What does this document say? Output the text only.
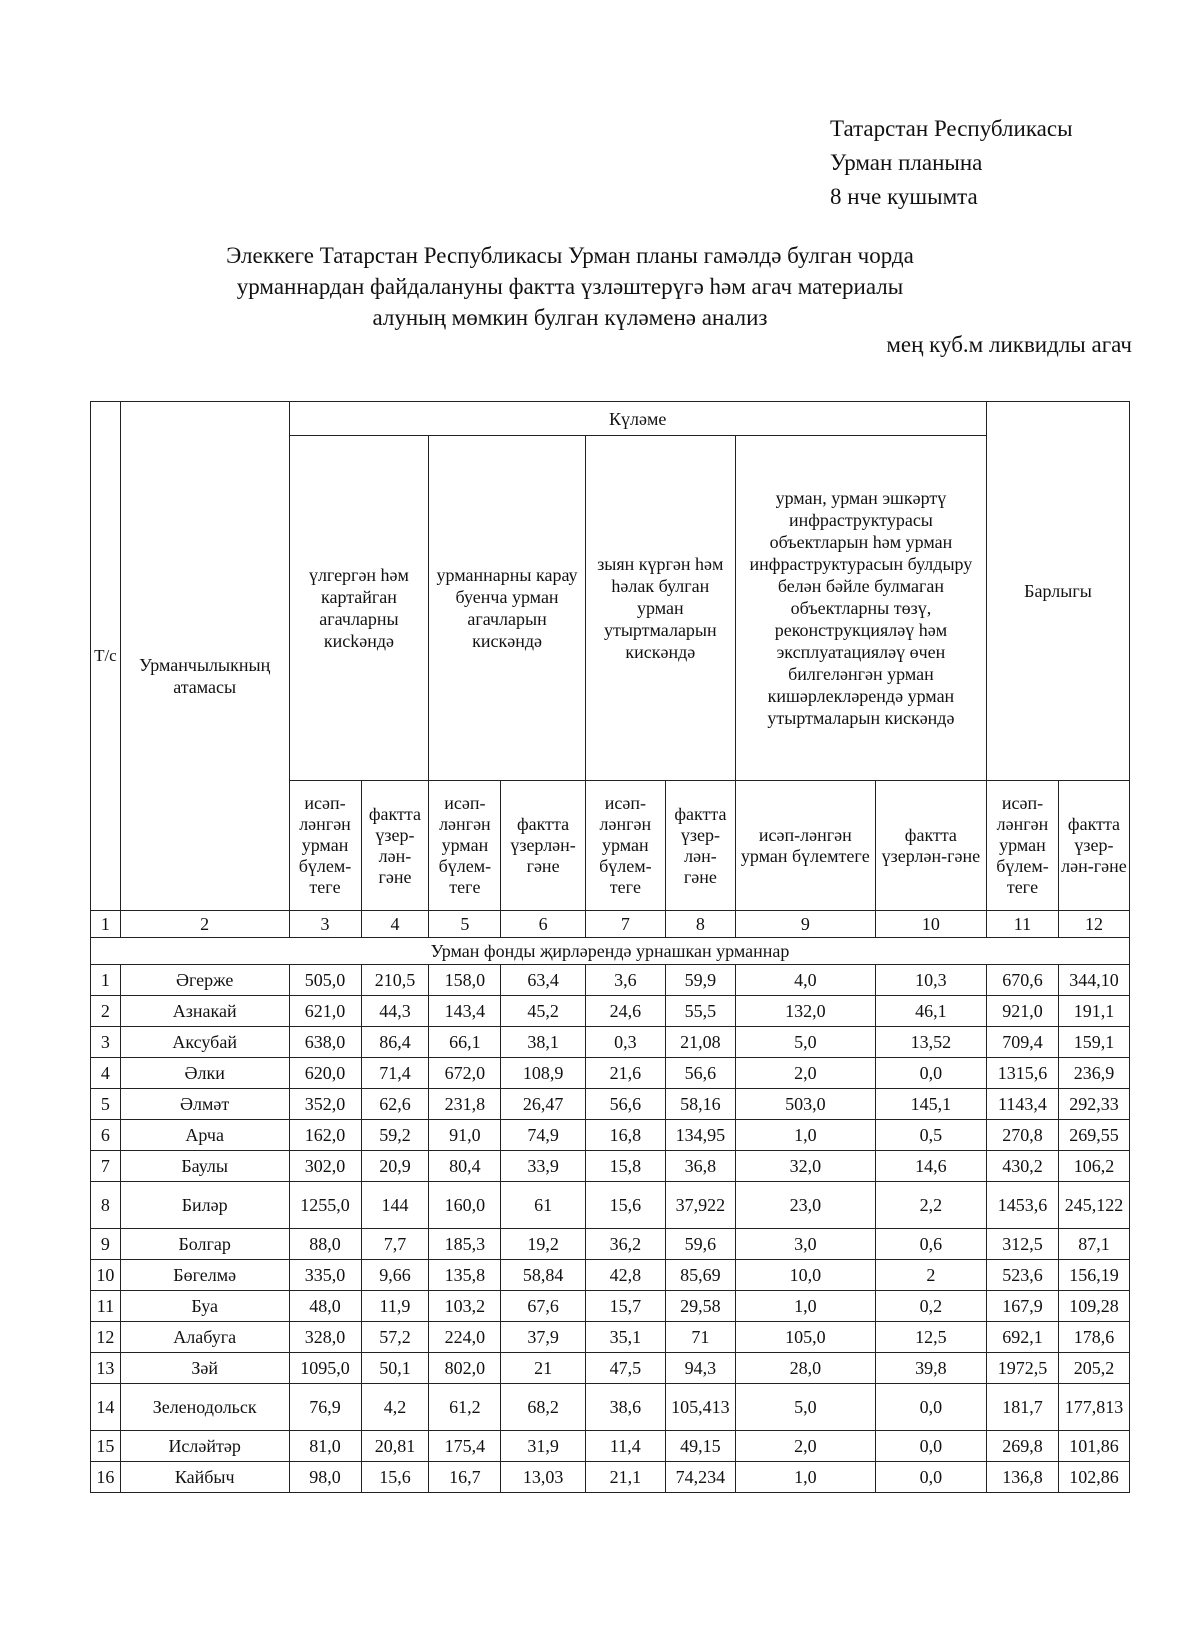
Татарстан Республикасы
Урман планына
8 нче кушымта
Элеккеге Татарстан Республикасы Урман планы гамәлдә булган чорда
урманнардан файдалануны фактта үзләштерүгә һәм агач материалы
алуның мөмкин булган күләменә анализ
мең куб.м ликвидлы агач
Т/с	Урманчылыкның атамасы	Күләме								Барлыгы	
		үлгергән һәм картайган агачларны кисkәндә		урманнарны карау буенча урман агачларын кискәндә		зыян күргән һәм һәлак булган урман утыртмаларын кискәндә		урман, урман эшкәртү инфраструктурасы объектларын һәм урман инфраструктурасын булдыру белән бәйле булмаган объектларны төзү, реконструкцияләү һәм эксплуатацияләү өчен билгеләнгән урман кишәрлекләрендә урман утыртмаларын кискәндә			
		исәп-ләнгән урман бүлем-тегe	фактта үзер-лән-гәне	исәп-ләнгән урман бүлем-тегe	фактта үзерлән-гәне	исәп-ләнгән урман бүлем-тегe	фактта үзер-лән-гәне	исәп-ләнгән урман бүлемтегe	фактта үзерлән-гәне	исәп-ләнгән урман бүлем-тегe	фактта үзер-лән-гәне
1	2	3	4	5	6	7	8	9	10	11	12
Урман фонды җирләрендә урнашкан урманнар											
1	Әгерже	505,0	210,5	158,0	63,4	3,6	59,9	4,0	10,3	670,6	344,10
2	Азнакай	621,0	44,3	143,4	45,2	24,6	55,5	132,0	46,1	921,0	191,1
3	Аксубай	638,0	86,4	66,1	38,1	0,3	21,08	5,0	13,52	709,4	159,1
4	Әлки	620,0	71,4	672,0	108,9	21,6	56,6	2,0	0,0	1315,6	236,9
5	Әлмәт	352,0	62,6	231,8	26,47	56,6	58,16	503,0	145,1	1143,4	292,33
6	Арча	162,0	59,2	91,0	74,9	16,8	134,95	1,0	0,5	270,8	269,55
7	Баулы	302,0	20,9	80,4	33,9	15,8	36,8	32,0	14,6	430,2	106,2
8	Биләр	1255,0	144	160,0	61	15,6	37,922	23,0	2,2	1453,6	245,122
9	Болгар	88,0	7,7	185,3	19,2	36,2	59,6	3,0	0,6	312,5	87,1
10	Бөгелмә	335,0	9,66	135,8	58,84	42,8	85,69	10,0	2	523,6	156,19
11	Буа	48,0	11,9	103,2	67,6	15,7	29,58	1,0	0,2	167,9	109,28
12	Алабуга	328,0	57,2	224,0	37,9	35,1	71	105,0	12,5	692,1	178,6
13	Зәй	1095,0	50,1	802,0	21	47,5	94,3	28,0	39,8	1972,5	205,2
14	Зеленодольск	76,9	4,2	61,2	68,2	38,6	105,413	5,0	0,0	181,7	177,813
15	Исләйтәр	81,0	20,81	175,4	31,9	11,4	49,15	2,0	0,0	269,8	101,86
16	Кайбыч	98,0	15,6	16,7	13,03	21,1	74,234	1,0	0,0	136,8	102,86
